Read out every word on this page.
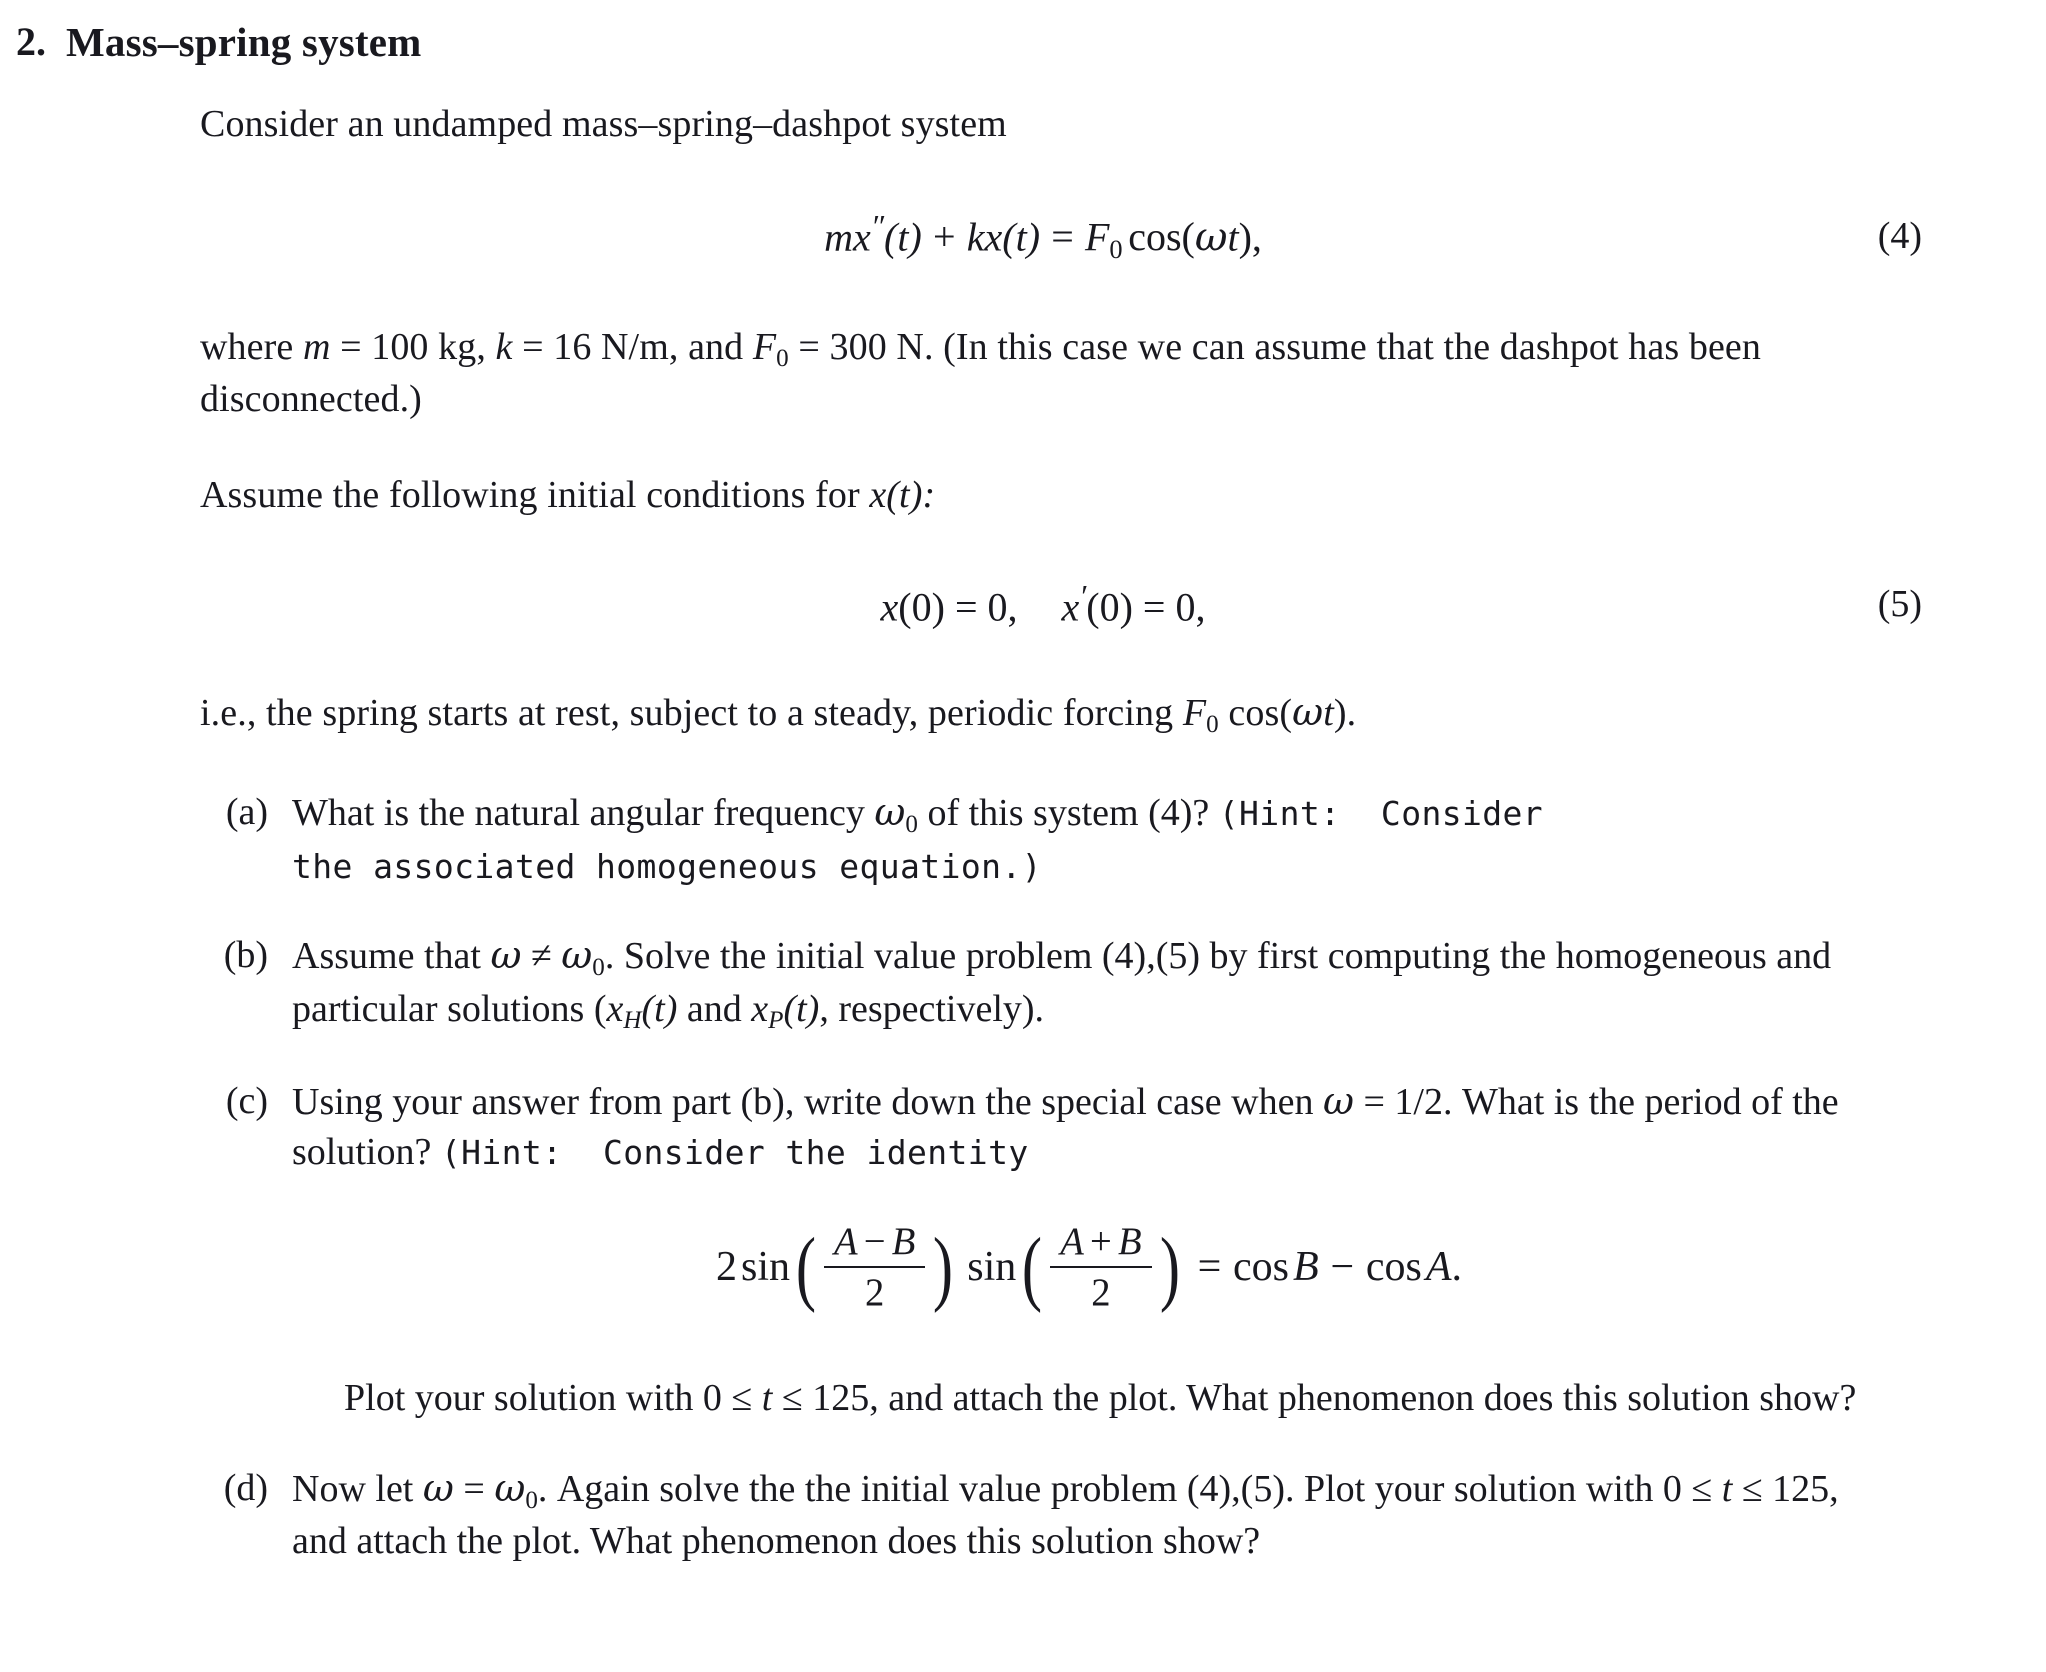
2. Mass–spring system

Consider an undamped mass–spring–dashpot system

$mx''(t) + kx(t) = F_0$ cos(ωt),	(4)

where m = 100 kg, k = 16 N/m, and $F_0 = 300$ N. (In this case we can assume that the dashpot has been disconnected.)

Assume the following initial conditions for x(t):

x(0) = 0, x′(0) = 0,	(5)

i.e., the spring starts at rest, subject to a steady, periodic forcing $F_0$ cos(ωt).

(a) What is the natural angular frequency $\omega_0$ of this system (4)? (Hint: Consider
the associated homogeneous equation.)
(b) Assume that $\omega \ne \omega_0$. Solve the initial value problem (4),(5) by first computing the homogeneous and particular solutions ($x_H(t)$ and $x_P(t)$, respectively).
(c) Using your answer from part (b), write down the special case when ω = 1/2. What is the period of the solution? (Hint: Consider the identity
2 sin ( $\frac{A - B}{2}$ ) sin ( $\frac{A + B}{2}$ ) = cos B − cos A .
Plot your solution with 0 ≤ t ≤ 125, and attach the plot. What phenomenon does this solution show?
(d) Now let $\omega = \omega_0$. Again solve the the initial value problem (4),(5). Plot your solution with 0 ≤ t ≤ 125, and attach the plot. What phenomenon does this solution show?
